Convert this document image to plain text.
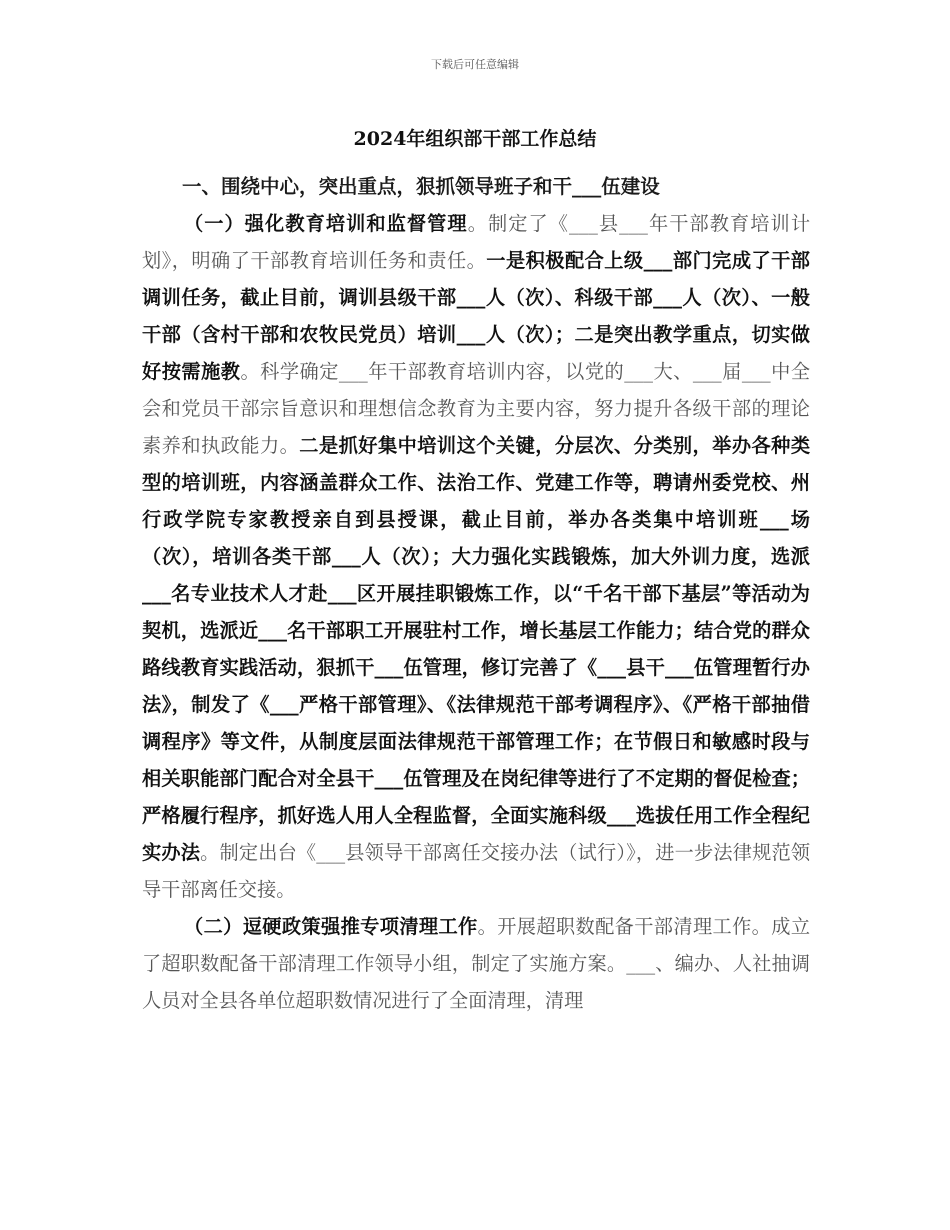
下载后可任意编辑
2024年组织部干部工作总结

一、围绕中心，突出重点，狠抓领导班子和干___伍建设

（一）强化教育培训和监督管理。制定了《___县___年干部教育培训计划》，明确了干部教育培训任务和责任。一是积极配合上级___部门完成了干部调训任务，截止目前，调训县级干部___人（次）、科级干部___人（次）、一般干部（含村干部和农牧民党员）培训___人（次）；二是突出教学重点，切实做好按需施教。科学确定___年干部教育培训内容，以党的___大、___届___中全会和党员干部宗旨意识和理想信念教育为主要内容，努力提升各级干部的理论素养和执政能力。二是抓好集中培训这个关键，分层次、分类别，举办各种类型的培训班，内容涵盖群众工作、法治工作、党建工作等，聘请州委党校、州行政学院专家教授亲自到县授课，截止目前，举办各类集中培训班___场（次），培训各类干部___人（次）；大力强化实践锻炼，加大外训力度，选派___名专业技术人才赴___区开展挂职锻炼工作，以“千名干部下基层”等活动为契机，选派近___名干部职工开展驻村工作，增长基层工作能力；结合党的群众路线教育实践活动，狠抓干___伍管理，修订完善了《___县干___伍管理暂行办法》，制发了《___严格干部管理》、《法律规范干部考调程序》、《严格干部抽借调程序》等文件，从制度层面法律规范干部管理工作；在节假日和敏感时段与相关职能部门配合对全县干___伍管理及在岗纪律等进行了不定期的督促检查；严格履行程序，抓好选人用人全程监督，全面实施科级___选拔任用工作全程纪实办法。制定出台《___县领导干部离任交接办法（试行）》，进一步法律规范领导干部离任交接。

（二）逗硬政策强推专项清理工作。开展超职数配备干部清理工作。成立了超职数配备干部清理工作领导小组，制定了实施方案。___、编办、人社抽调人员对全县各单位超职数情况进行了全面清理，清理
